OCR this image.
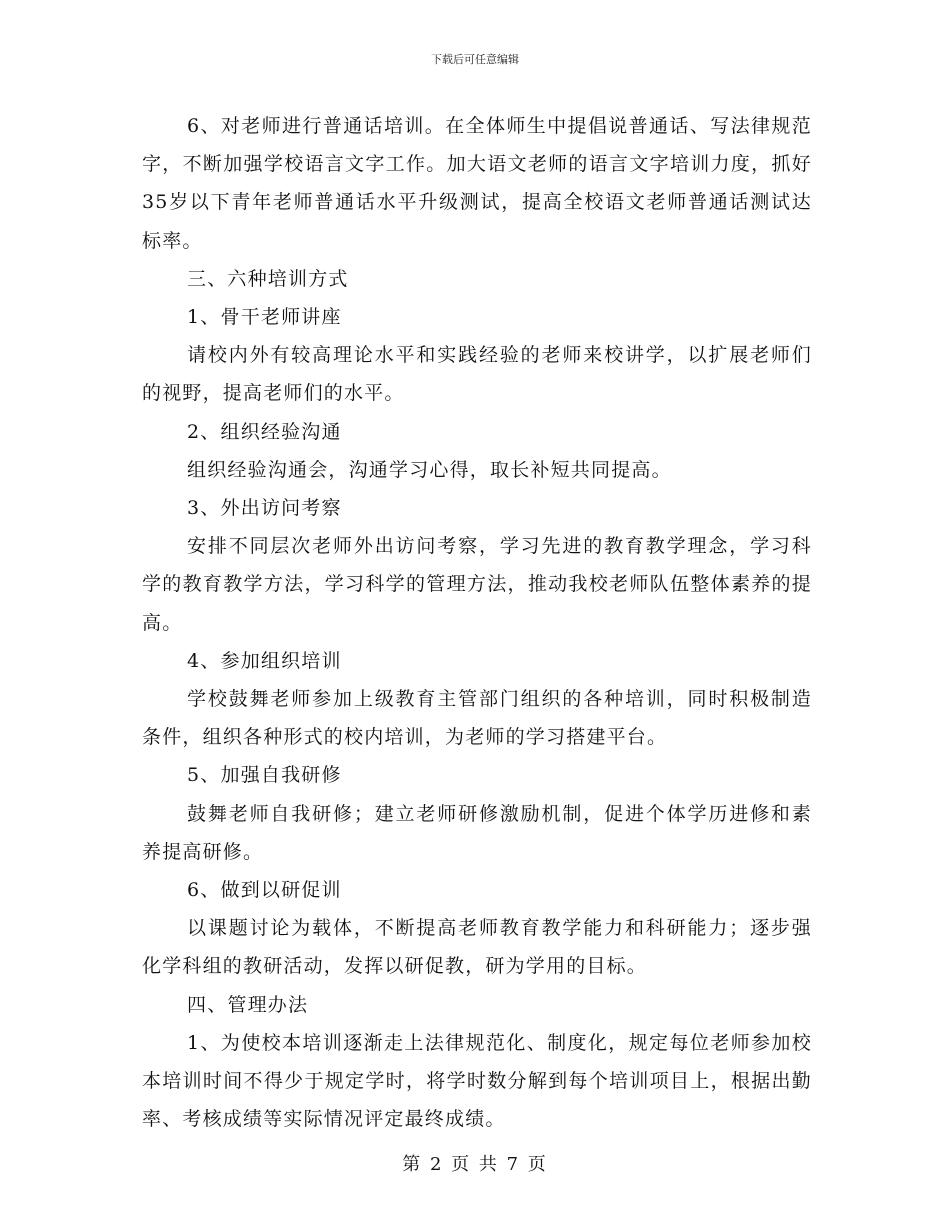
下载后可任意编辑

6、对老师进行普通话培训。在全体师生中提倡说普通话、写法律规范字，不断加强学校语言文字工作。加大语文老师的语言文字培训力度，抓好35岁以下青年老师普通话水平升级测试，提高全校语文老师普通话测试达标率。

三、六种培训方式

1、骨干老师讲座

请校内外有较高理论水平和实践经验的老师来校讲学，以扩展老师们的视野，提高老师们的水平。

2、组织经验沟通

组织经验沟通会，沟通学习心得，取长补短共同提高。

3、外出访问考察

安排不同层次老师外出访问考察，学习先进的教育教学理念，学习科学的教育教学方法，学习科学的管理方法，推动我校老师队伍整体素养的提高。

4、参加组织培训

学校鼓舞老师参加上级教育主管部门组织的各种培训，同时积极制造条件，组织各种形式的校内培训，为老师的学习搭建平台。

5、加强自我研修

鼓舞老师自我研修；建立老师研修激励机制，促进个体学历进修和素养提高研修。

6、做到以研促训

以课题讨论为载体，不断提高老师教育教学能力和科研能力；逐步强化学科组的教研活动，发挥以研促教，研为学用的目标。

四、管理办法

1、为使校本培训逐渐走上法律规范化、制度化，规定每位老师参加校本培训时间不得少于规定学时，将学时数分解到每个培训项目上，根据出勤率、考核成绩等实际情况评定最终成绩。

第 2 页 共 7 页
